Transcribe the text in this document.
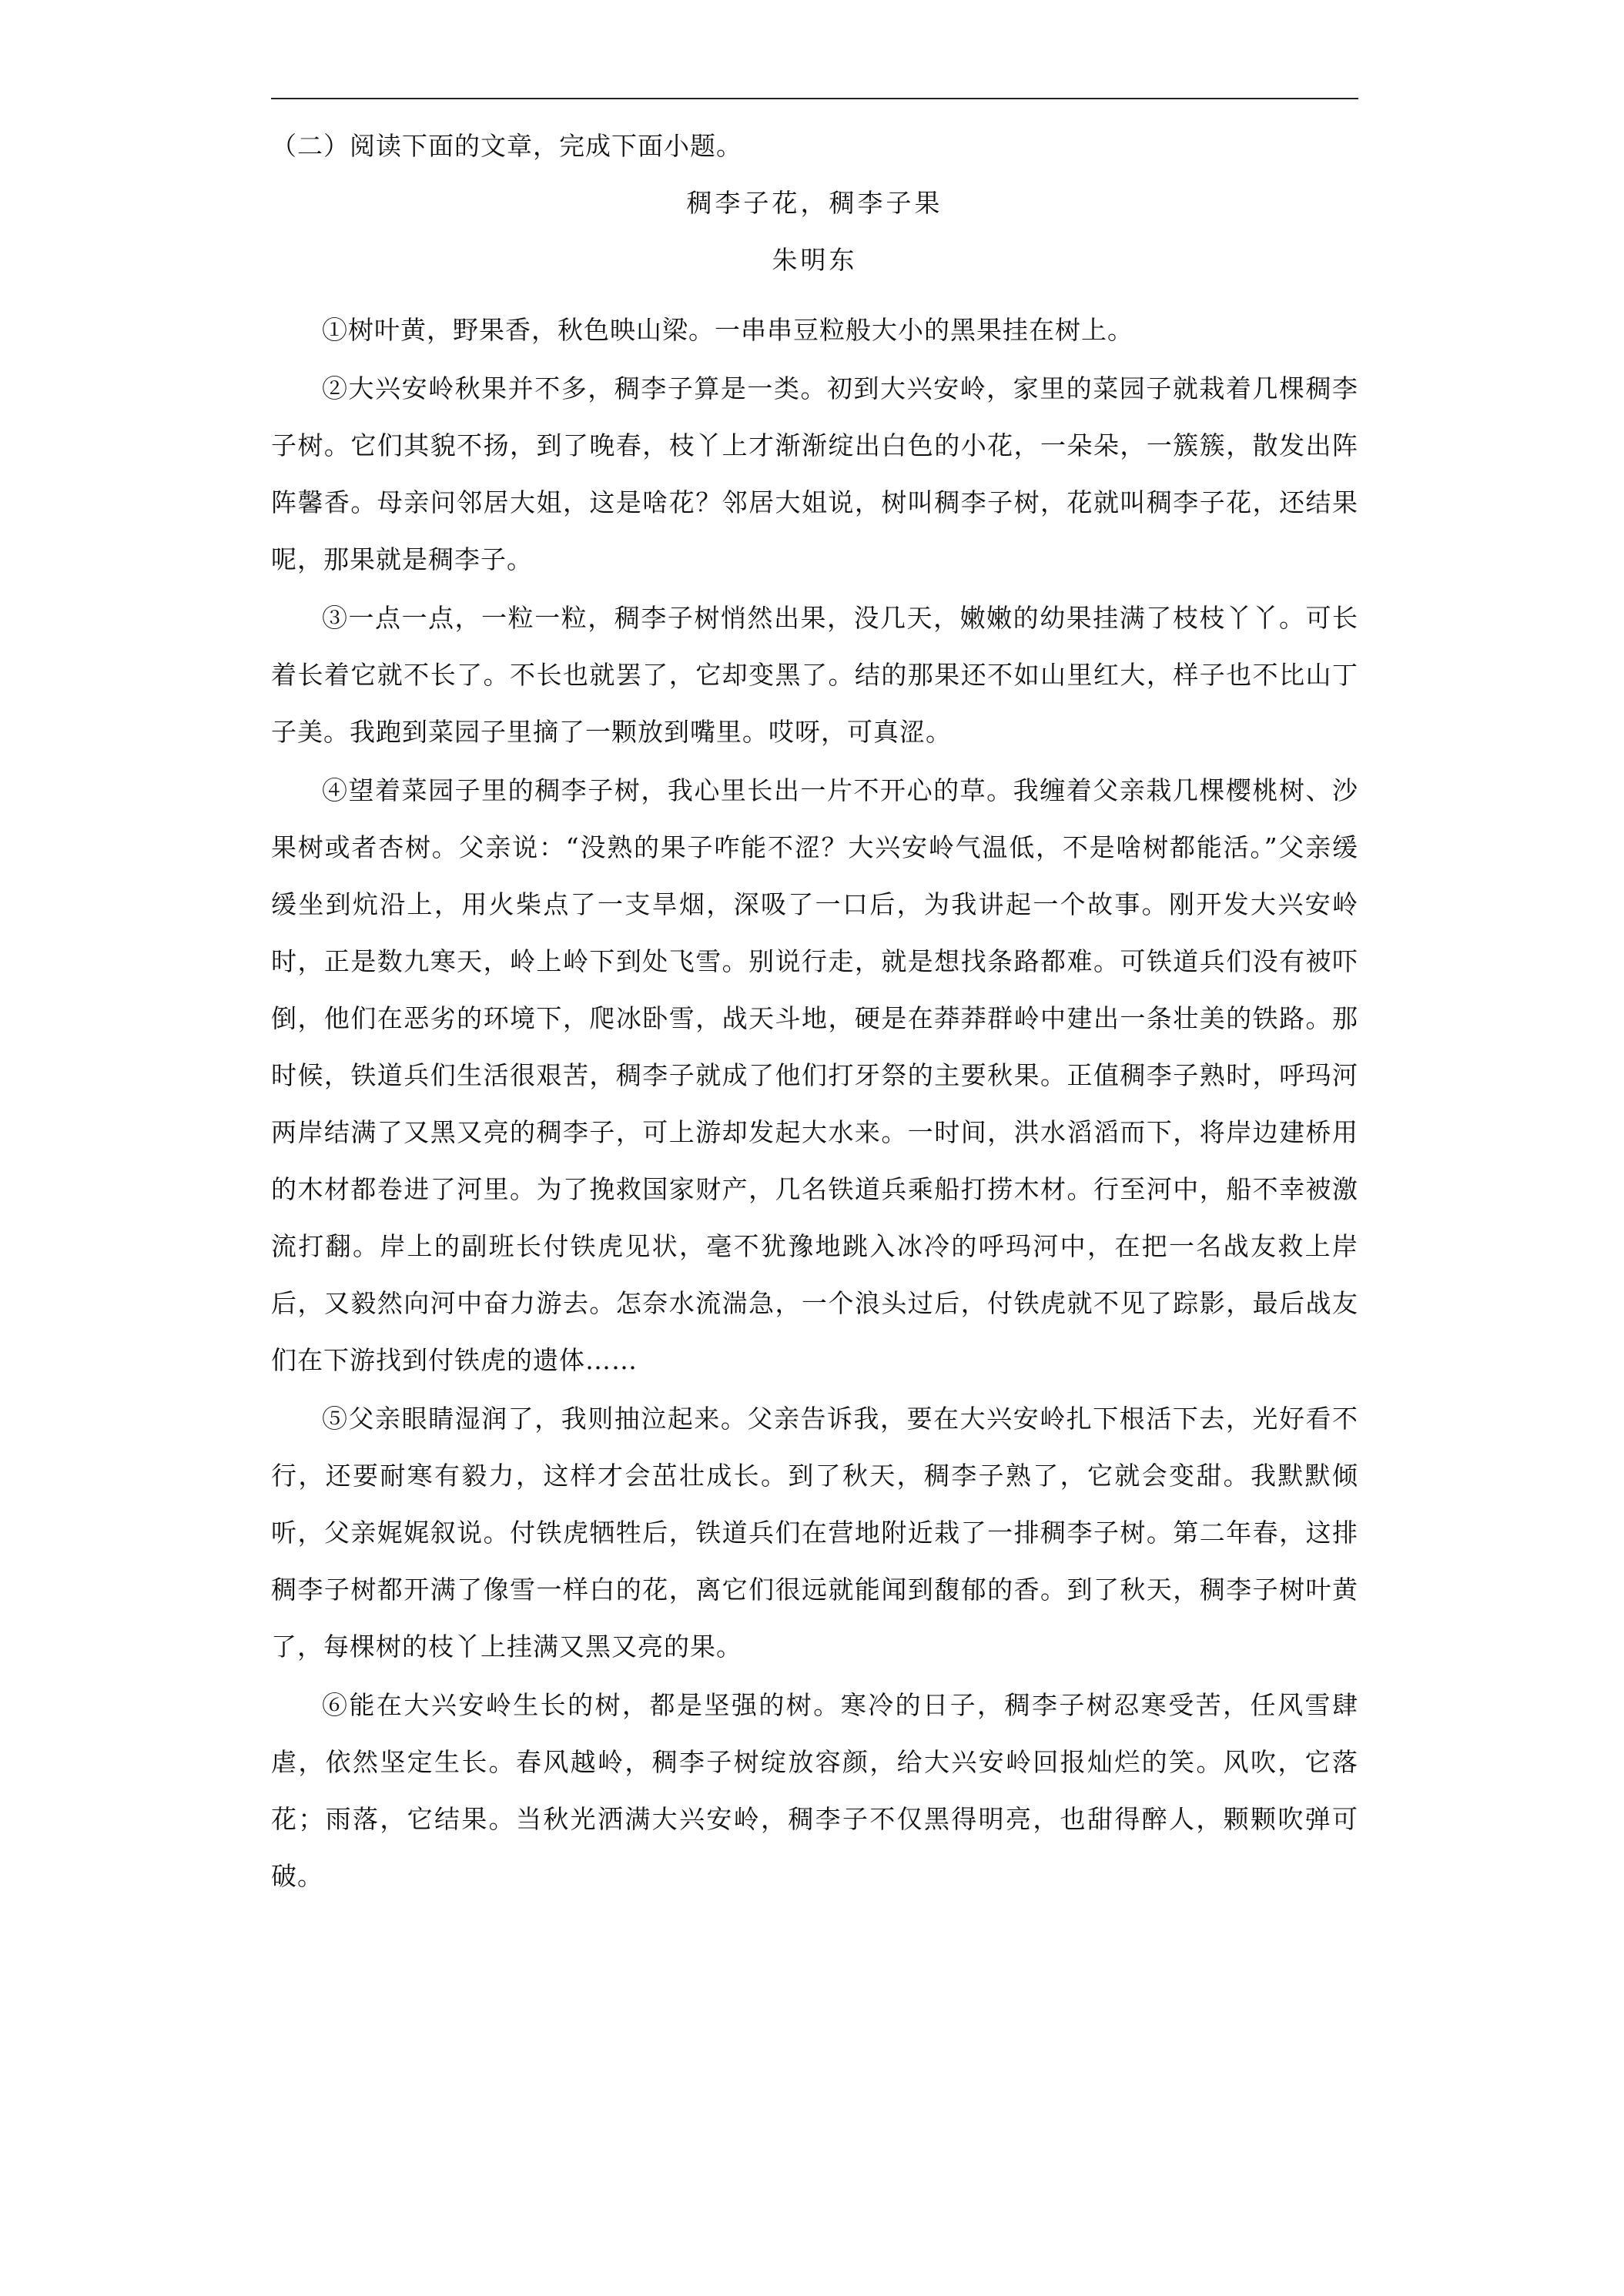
（二）阅读下面的文章，完成下面小题。

稠李子花，稠李子果

朱明东

①树叶黄，野果香，秋色映山梁。一串串豆粒般大小的黑果挂在树上。

②大兴安岭秋果并不多，稠李子算是一类。初到大兴安岭，家里的菜园子就栽着几棵稠李子树。它们其貌不扬，到了晚春，枝丫上才渐渐绽出白色的小花，一朵朵，一簇簇，散发出阵阵馨香。母亲问邻居大姐，这是啥花？邻居大姐说，树叫稠李子树，花就叫稠李子花，还结果呢，那果就是稠李子。

③一点一点，一粒一粒，稠李子树悄然出果，没几天，嫩嫩的幼果挂满了枝枝丫丫。可长着长着它就不长了。不长也就罢了，它却变黑了。结的那果还不如山里红大，样子也不比山丁子美。我跑到菜园子里摘了一颗放到嘴里。哎呀，可真涩。

④望着菜园子里的稠李子树，我心里长出一片不开心的草。我缠着父亲栽几棵樱桃树、沙果树或者杏树。父亲说：“没熟的果子咋能不涩？大兴安岭气温低，不是啥树都能活。”父亲缓缓坐到炕沿上，用火柴点了一支旱烟，深吸了一口后，为我讲起一个故事。刚开发大兴安岭时，正是数九寒天，岭上岭下到处飞雪。别说行走，就是想找条路都难。可铁道兵们没有被吓倒，他们在恶劣的环境下，爬冰卧雪，战天斗地，硬是在莽莽群岭中建出一条壮美的铁路。那时候，铁道兵们生活很艰苦，稠李子就成了他们打牙祭的主要秋果。正值稠李子熟时，呼玛河两岸结满了又黑又亮的稠李子，可上游却发起大水来。一时间，洪水滔滔而下，将岸边建桥用的木材都卷进了河里。为了挽救国家财产，几名铁道兵乘船打捞木材。行至河中，船不幸被激流打翻。岸上的副班长付铁虎见状，毫不犹豫地跳入冰冷的呼玛河中，在把一名战友救上岸后，又毅然向河中奋力游去。怎奈水流湍急，一个浪头过后，付铁虎就不见了踪影，最后战友们在下游找到付铁虎的遗体……

⑤父亲眼睛湿润了，我则抽泣起来。父亲告诉我，要在大兴安岭扎下根活下去，光好看不行，还要耐寒有毅力，这样才会茁壮成长。到了秋天，稠李子熟了，它就会变甜。我默默倾听，父亲娓娓叙说。付铁虎牺牲后，铁道兵们在营地附近栽了一排稠李子树。第二年春，这排稠李子树都开满了像雪一样白的花，离它们很远就能闻到馥郁的香。到了秋天，稠李子树叶黄了，每棵树的枝丫上挂满又黑又亮的果。

⑥能在大兴安岭生长的树，都是坚强的树。寒冷的日子，稠李子树忍寒受苦，任风雪肆虐，依然坚定生长。春风越岭，稠李子树绽放容颜，给大兴安岭回报灿烂的笑。风吹，它落花；雨落，它结果。当秋光洒满大兴安岭，稠李子不仅黑得明亮，也甜得醉人，颗颗吹弹可破。
